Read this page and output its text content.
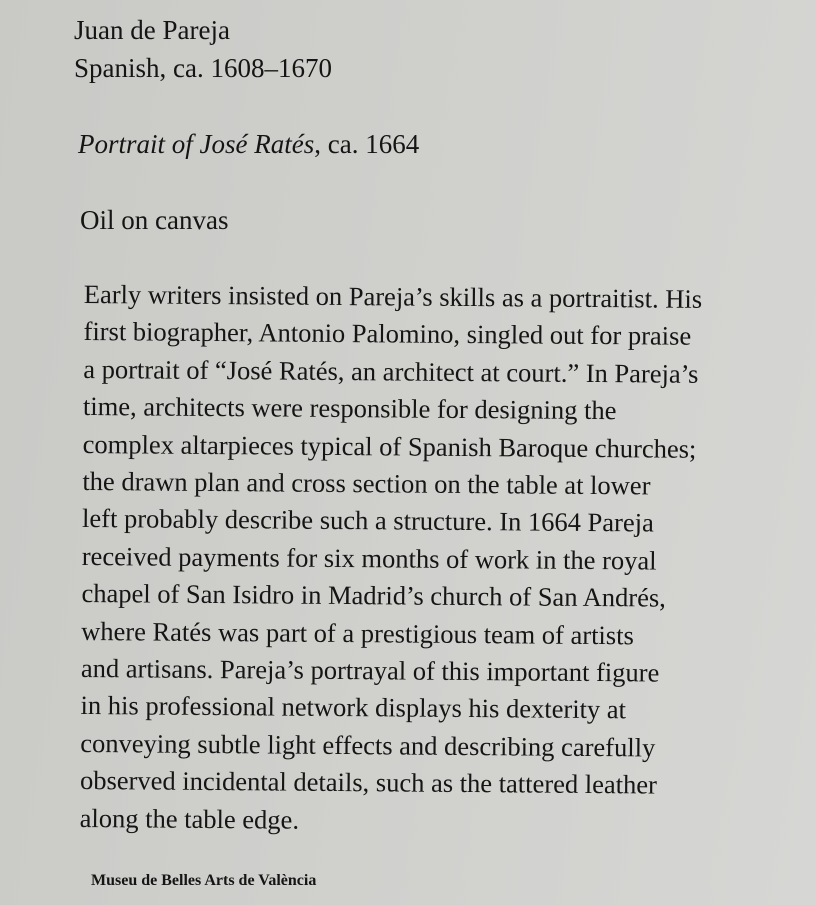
Juan de Pareja
Spanish, ca. 1608–1670

Portrait of José Ratés, ca. 1664

Oil on canvas

Early writers insisted on Pareja’s skills as a portraitist. His
first biographer, Antonio Palomino, singled out for praise
a portrait of “José Ratés, an architect at court.” In Pareja’s
time, architects were responsible for designing the
complex altarpieces typical of Spanish Baroque churches;
the drawn plan and cross section on the table at lower
left probably describe such a structure. In 1664 Pareja
received payments for six months of work in the royal
chapel of San Isidro in Madrid’s church of San Andrés,
where Ratés was part of a prestigious team of artists
and artisans. Pareja’s portrayal of this important figure
in his professional network displays his dexterity at
conveying subtle light effects and describing carefully
observed incidental details, such as the tattered leather
along the table edge.

Museu de Belles Arts de València
